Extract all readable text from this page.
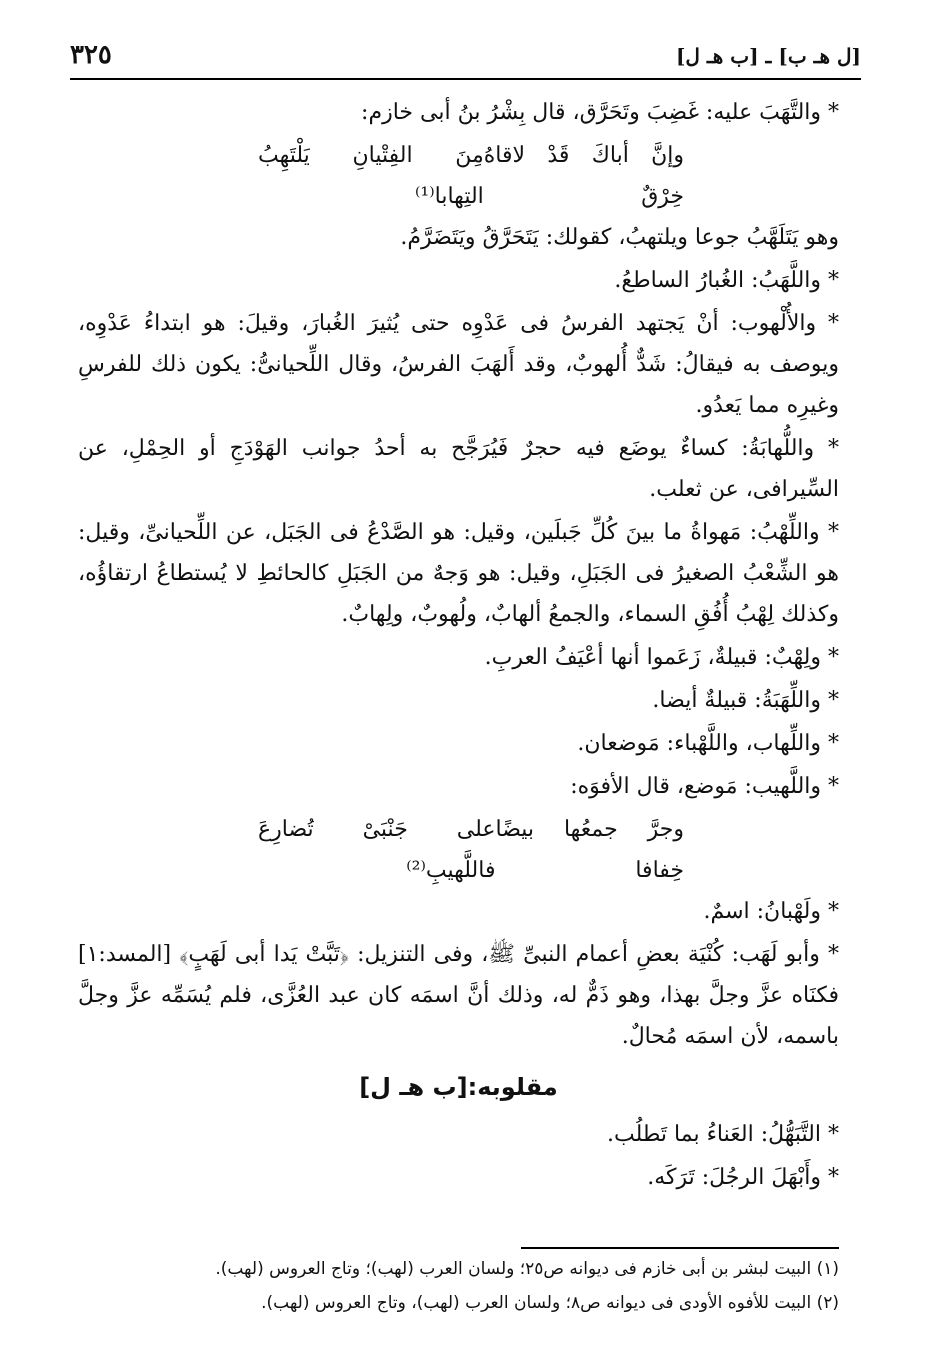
[ل هـ ب] ـ [ب هـ ل]
٣٢٥

* والتَّهَبَ عليه: غَضِبَ وتَحَرَّق، قال بِشْرُ بنُ أبى خازم:

وإنَّ أباكَ قَدْ لاقاهُ خِرْقٌ
مِنَ الفِتْيانِ يَلْتَهِبُ التِهابا⁽¹⁾

وهو يَتَلَهَّبُ جوعا ويلتهبُ، كقولك: يَتَحَرَّقُ ويَتَضَرَّمُ.

* واللَّهَبُ: الغُبارُ الساطعُ.

* والأُلْهوب: أنْ يَجتهد الفرسُ فى عَدْوِه حتى يُثيرَ الغُبارَ، وقيلَ: هو ابتداءُ عَدْوِه، ويوصف به فيقالُ: شَدٌّ أُلهوبٌ، وقد أَلهَبَ الفرسُ، وقال اللِّحيانىُّ: يكون ذلك للفرسِ وغيرِه مما يَعدُو.

* واللُّهابَةُ: كساءٌ يوضَع فيه حجرٌ فَيُرَجَّح به أحدُ جوانب الهَوْدَجِ أو الحِمْلِ، عن السِّيرافى، عن ثعلب.

* واللِّهْبُ: مَهواةُ ما بينَ كُلِّ جَبلَين، وقيل: هو الصَّدْعُ فى الجَبَل، عن اللِّحيانىِّ، وقيل: هو الشِّعْبُ الصغيرُ فى الجَبَلِ، وقيل: هو وَجهٌ من الجَبَلِ كالحائطِ لا يُستطاعُ ارتقاؤُه، وكذلك لِهْبُ أُفُقِ السماء، والجمعُ ألهابٌ، ولُهوبٌ، ولِهابٌ.

* ولِهْبٌ: قبيلةٌ، زَعَموا أنها أعْيَفُ العربِ.

* واللِّهَبَةُ: قبيلةٌ أيضا.

* واللِّهاب، واللَّهْباء: مَوضعان.

* واللَّهيب: مَوضع، قال الأفوَه:

وجرَّ جمعُها بيضًا خِفافا
على جَنْبَىْ تُضارِعَ فاللَّهيبِ⁽²⁾

* ولَهْبانُ: اسمٌ.

* وأبو لَهَب: كُنْيَة بعضِ أعمام النبىِّ ﷺ، وفى التنزيل: ﴿تَبَّتْ يَدا أبى لَهَبٍ﴾ [المسد:١] فكنَاه عزَّ وجلَّ بهذا، وهو ذَمٌّ له، وذلك أنَّ اسمَه كان عبد العُزَّى، فلم يُسَمِّه عزَّ وجلَّ باسمه، لأن اسمَه مُحالٌ.

مقلوبه:[ب هـ ل]

* التَّبَهُّلُ: العَناءُ بما تَطلُب.

* وأَبْهَلَ الرجُلَ: تَرَكَه.

(١) البيت لبشر بن أبى خازم فى ديوانه ص٢٥؛ ولسان العرب (لهب)؛ وتاج العروس (لهب).
(٢) البيت للأفوه الأودى فى ديوانه ص٨؛ ولسان العرب (لهب)، وتاج العروس (لهب).
